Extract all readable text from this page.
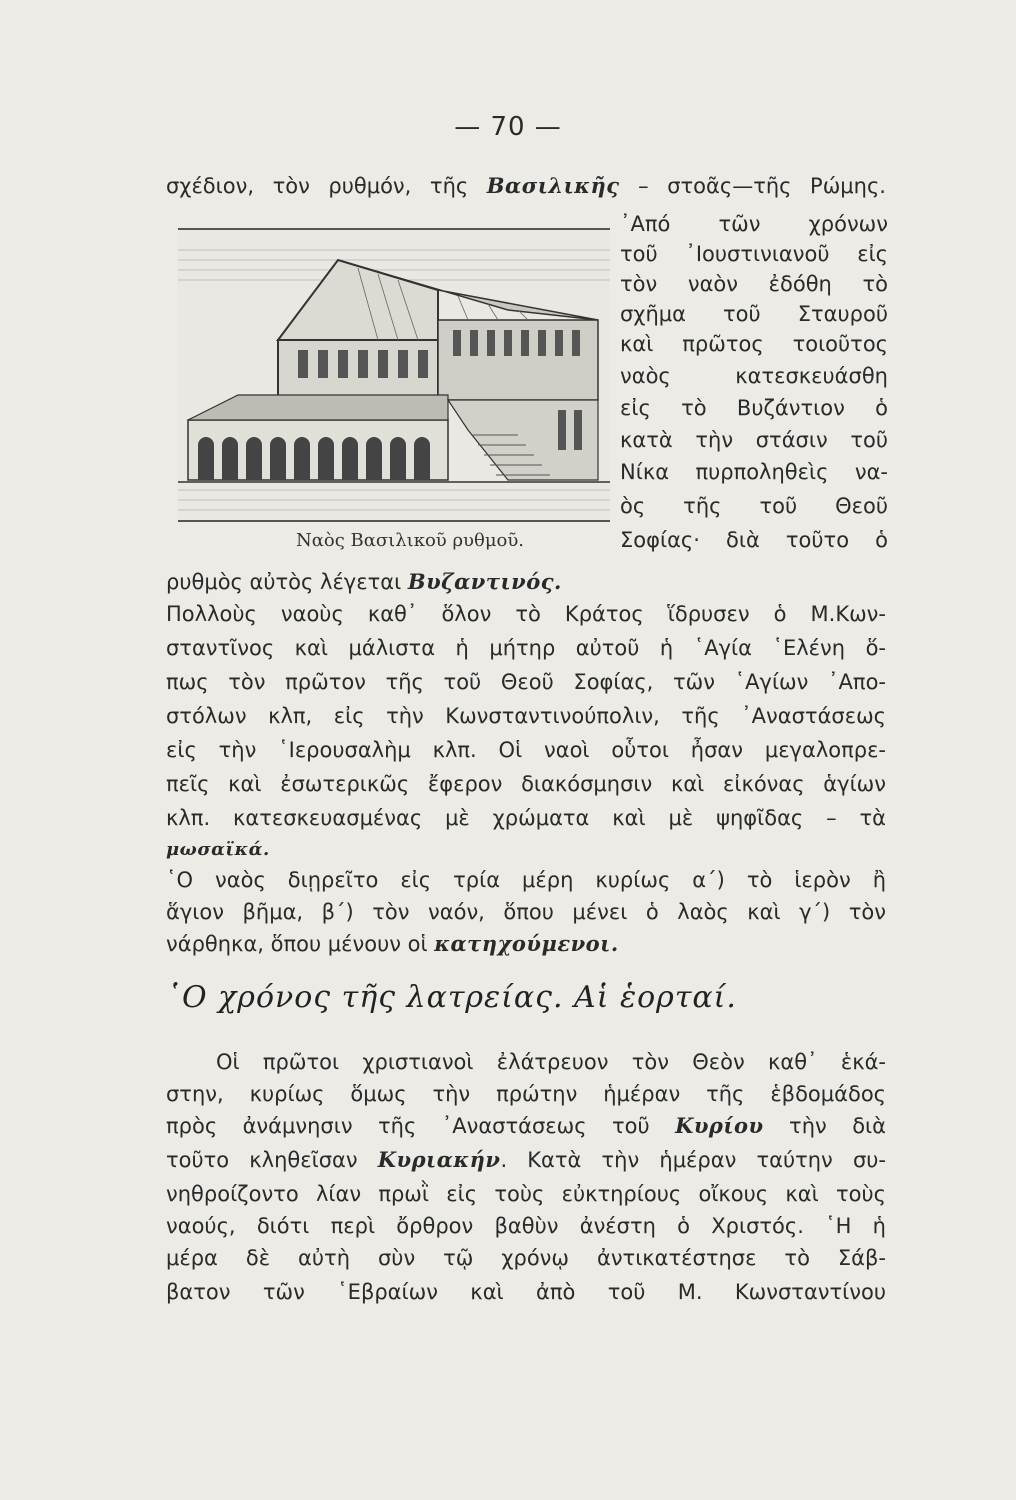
— 70 —
σχέδιον, τὸν ρυθμόν, τῆς Βασιλικῆς – στοᾶς—τῆς Ρώμης.
Ναὸς Βασιλικοῦ ρυθμοῦ.
᾿Από τῶν χρόνων
τοῦ ᾿Ιουστινιανοῦ εἰς
τὸν ναὸν ἐδόθη τὸ
σχῆμα τοῦ Σταυροῦ
καὶ πρῶτος τοιοῦτος
ναὸς κατεσκευάσθη
εἰς τὸ Βυζάντιον ὁ
κατὰ τὴν στάσιν τοῦ
Νίκα πυρποληθεὶς να-
ὸς τῆς τοῦ Θεοῦ
Σοφίας· διὰ τοῦτο ὁ
ρυθμὸς αὐτὸς λέγεται Βυζαντινός.
Πολλοὺς ναοὺς καθ᾿ ὅλον τὸ Κράτος ἵδρυσεν ὁ Μ.Κων-
σταντῖνος καὶ μάλιστα ἡ μήτηρ αὐτοῦ ἡ ῾Αγία ῾Ελένη ὅ-
πως τὸν πρῶτον τῆς τοῦ Θεοῦ Σοφίας, τῶν ῾Αγίων ᾿Απο-
στόλων κλπ, εἰς τὴν Κωνσταντινούπολιν, τῆς ᾿Αναστάσεως
εἰς τὴν ῾Ιερουσαλὴμ κλπ. Οἱ ναοὶ οὗτοι ἦσαν μεγαλοπρε-
πεῖς καὶ ἐσωτερικῶς ἔφερον διακόσμησιν καὶ εἰκόνας ἁγίων
κλπ. κατεσκευασμένας μὲ χρώματα καὶ μὲ ψηφῖδας – τὰ
μωσαϊκά.
῾Ο ναὸς διῃρεῖτο εἰς τρία μέρη κυρίως α΄) τὸ ἱερὸν ἢ
ἅγιον βῆμα, β΄) τὸν ναόν, ὅπου μένει ὁ λαὸς καὶ γ΄) τὸν
νάρθηκα, ὅπου μένουν οἱ κατηχούμενοι.
῾Ο χρόνος τῆς λατρείας. Αἱ ἑορταί.
Οἱ πρῶτοι χριστιανοὶ ἐλάτρευον τὸν Θεὸν καθ᾿ ἑκά-
στην, κυρίως ὅμως τὴν πρώτην ἡμέραν τῆς ἑβδομάδος
πρὸς ἀνάμνησιν τῆς ᾿Αναστάσεως τοῦ Κυρίου τὴν διὰ
τοῦτο κληθεῖσαν Κυριακήν. Κατὰ τὴν ἡμέραν ταύτην συ-
νηθροίζοντο λίαν πρωῒ εἰς τοὺς εὐκτηρίους οἴκους καὶ τοὺς
ναούς, διότι περὶ ὄρθρον βαθὺν ἀνέστη ὁ Χριστός. ῾Η ἡ
μέρα δὲ αὐτὴ σὺν τῷ χρόνῳ ἀντικατέστησε τὸ Σάβ-
βατον τῶν ῾Εβραίων καὶ ἀπὸ τοῦ Μ. Κωνσταντίνου
